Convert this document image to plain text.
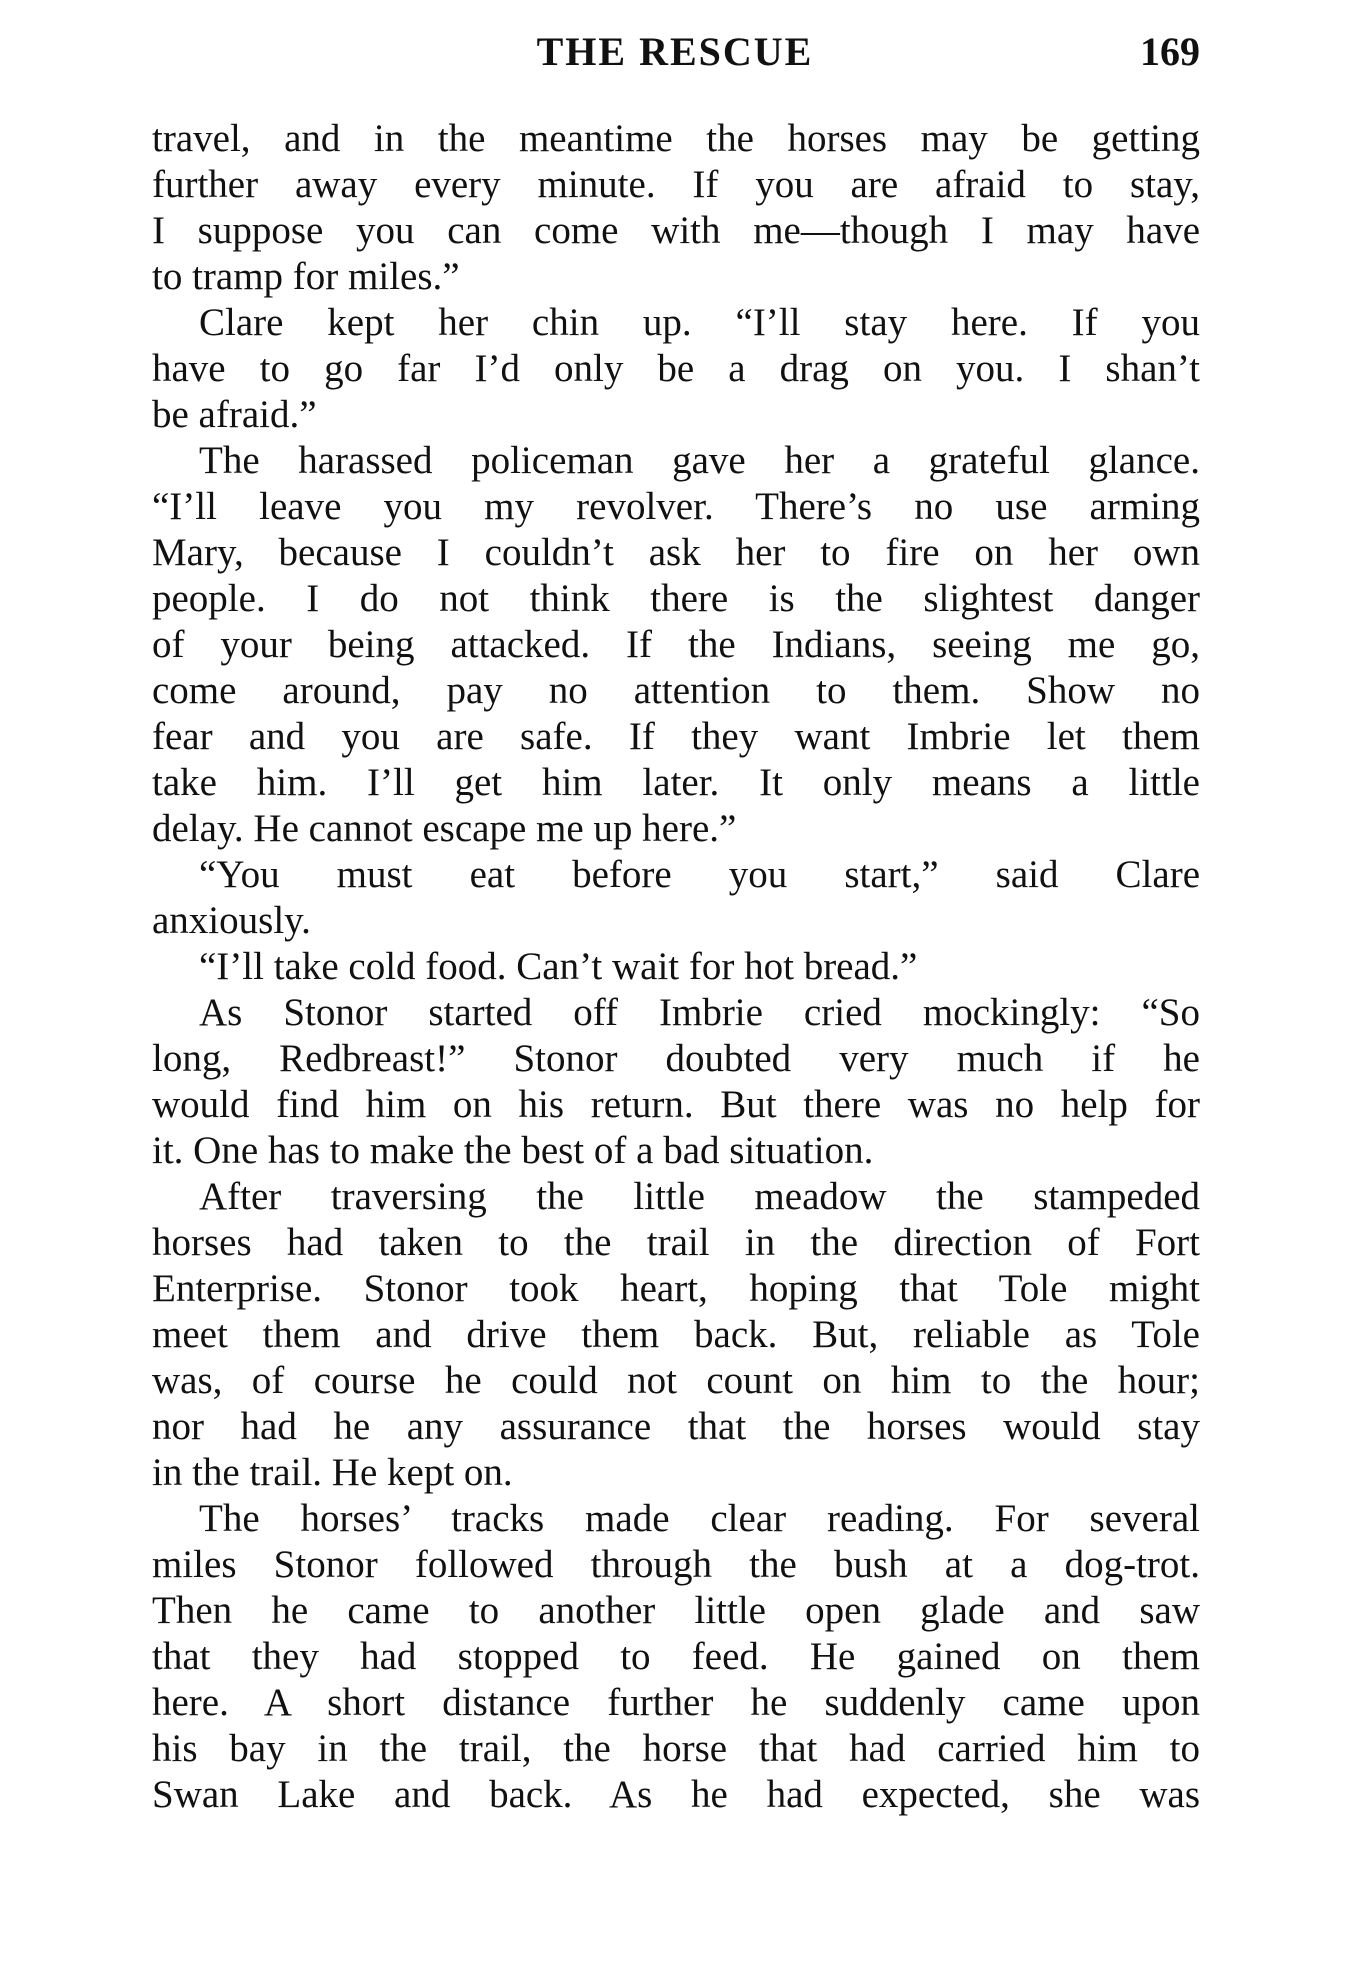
THE RESCUE	169
travel, and in the meantime the horses may be getting
further away every minute. If you are afraid to stay,
I suppose you can come with me—though I may have
to tramp for miles.”
Clare kept her chin up. “I’ll stay here. If you
have to go far I’d only be a drag on you. I shan’t
be afraid.”
The harassed policeman gave her a grateful glance.
“I’ll leave you my revolver. There’s no use arming
Mary, because I couldn’t ask her to fire on her own
people. I do not think there is the slightest danger
of your being attacked. If the Indians, seeing me go,
come around, pay no attention to them. Show no
fear and you are safe. If they want Imbrie let them
take him. I’ll get him later. It only means a little
delay. He cannot escape me up here.”
“You must eat before you start,” said Clare
anxiously.
“I’ll take cold food. Can’t wait for hot bread.”
As Stonor started off Imbrie cried mockingly: “So
long, Redbreast!” Stonor doubted very much if he
would find him on his return. But there was no help for
it. One has to make the best of a bad situation.
After traversing the little meadow the stampeded
horses had taken to the trail in the direction of Fort
Enterprise. Stonor took heart, hoping that Tole might
meet them and drive them back. But, reliable as Tole
was, of course he could not count on him to the hour;
nor had he any assurance that the horses would stay
in the trail. He kept on.
The horses’ tracks made clear reading. For several
miles Stonor followed through the bush at a dog-trot.
Then he came to another little open glade and saw
that they had stopped to feed. He gained on them
here. A short distance further he suddenly came upon
his bay in the trail, the horse that had carried him to
Swan Lake and back. As he had expected, she was
